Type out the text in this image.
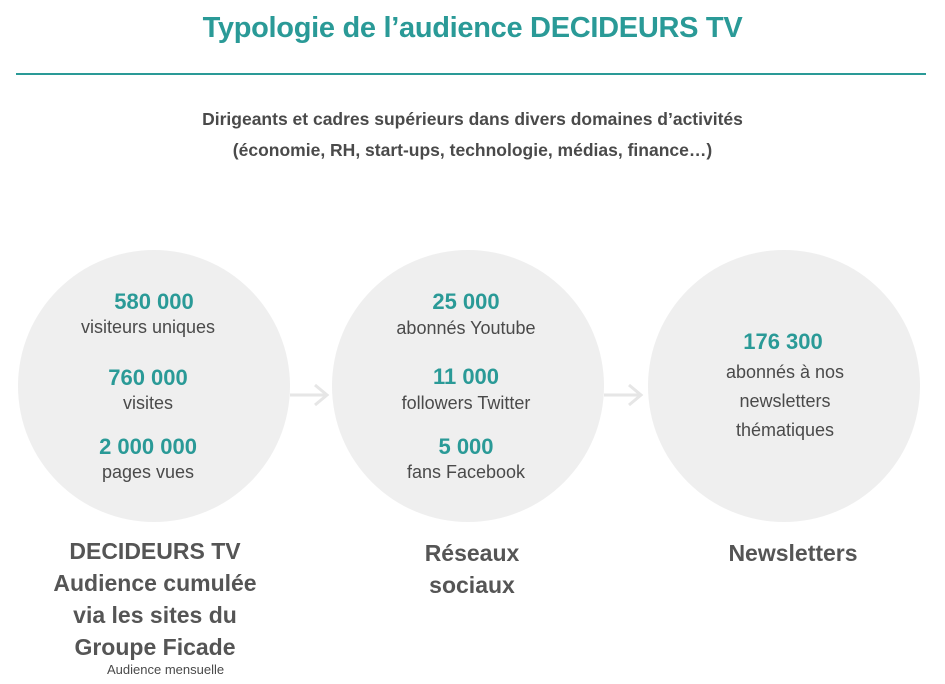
Typologie de l’audience DECIDEURS TV
Dirigeants et cadres supérieurs dans divers domaines d’activités
(économie, RH, start-ups, technologie, médias, finance…)
580 000
visiteurs uniques
760 000
visites
2 000 000
pages vues
25 000
abonnés Youtube
11 000
followers Twitter
5 000
fans Facebook
176 300
abonnés à nos
newsletters
thématiques
DECIDEURS TV
Audience cumulée
via les sites du
Groupe Ficade
Audience mensuelle
Réseaux
sociaux
Newsletters
